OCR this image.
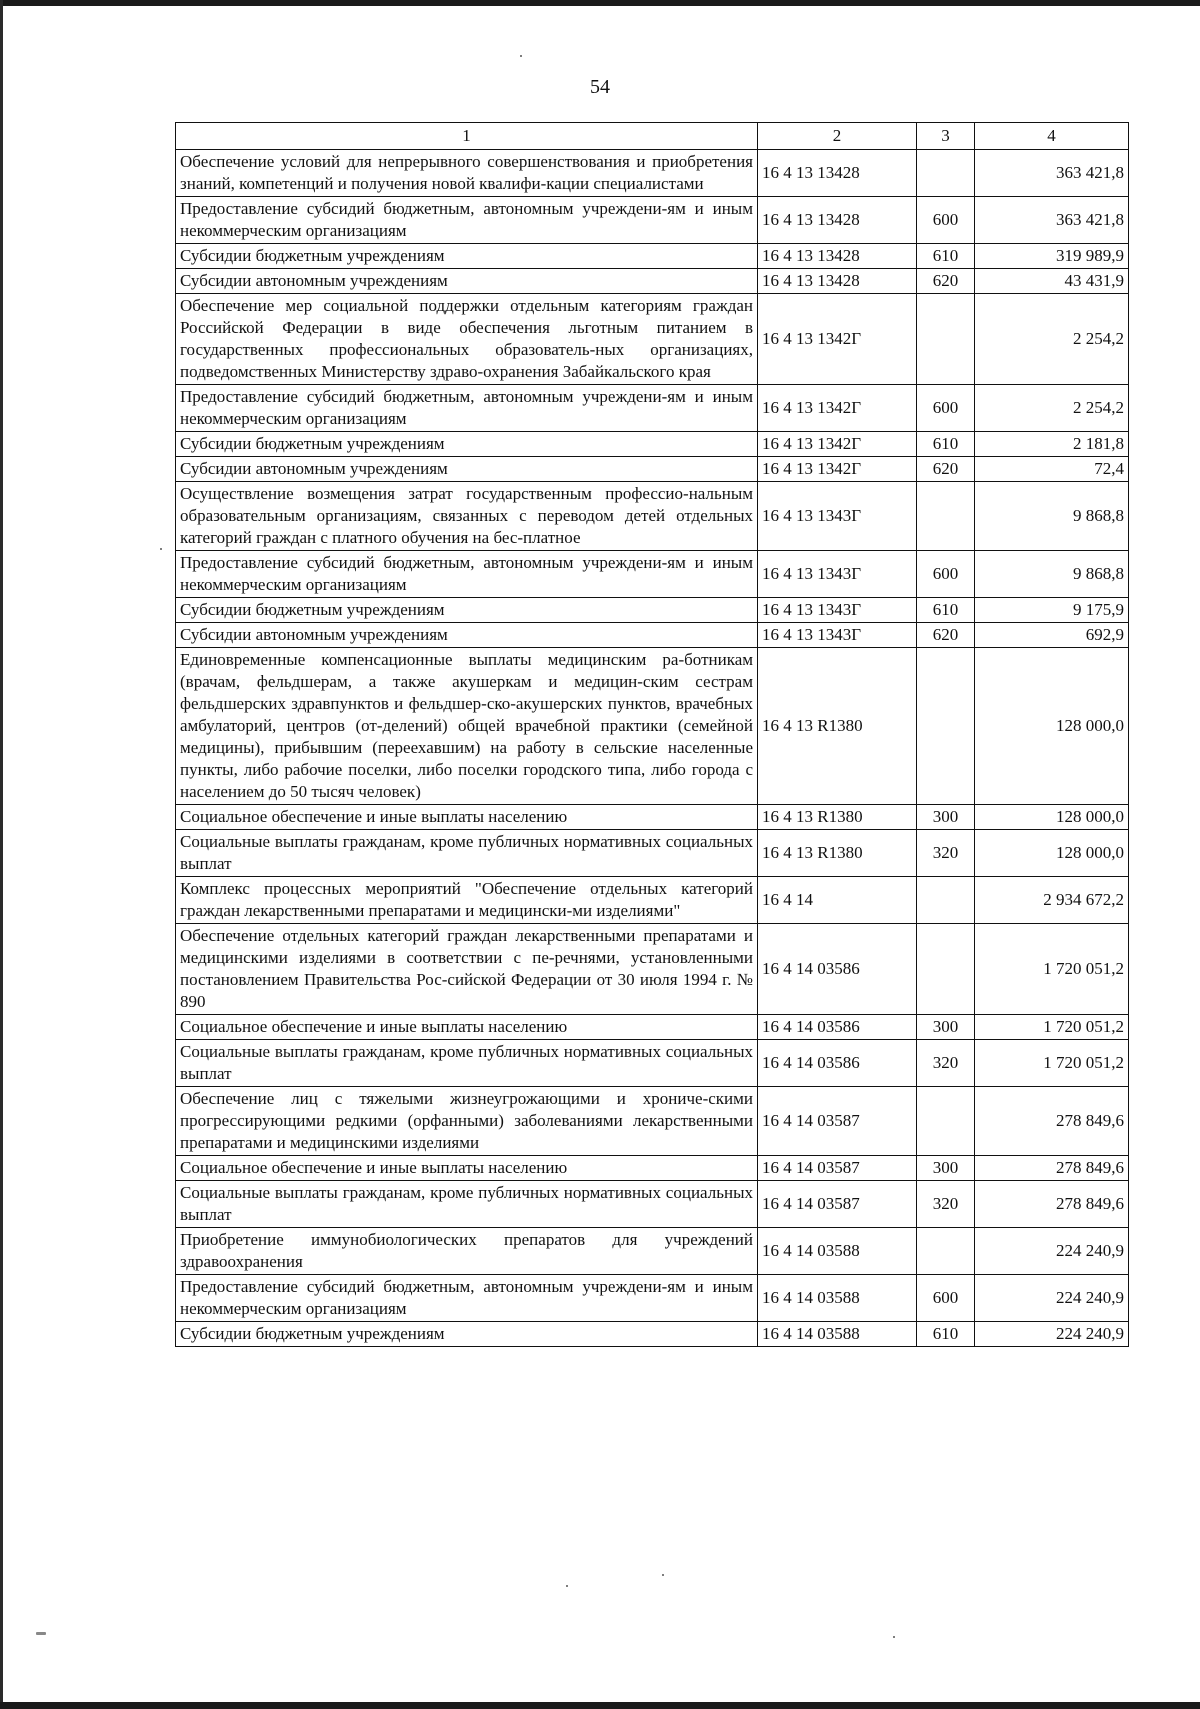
54
1	2	3	4
Обеспечение условий для непрерывного совершенствования и приобретения знаний, компетенций и получения новой квалифи-кации специалистами	16 4 13 13428		363 421,8
Предоставление субсидий бюджетным, автономным учреждени-ям и иным некоммерческим организациям	16 4 13 13428	600	363 421,8
Субсидии бюджетным учреждениям	16 4 13 13428	610	319 989,9
Субсидии автономным учреждениям	16 4 13 13428	620	43 431,9
Обеспечение мер социальной поддержки отдельным категориям граждан Российской Федерации в виде обеспечения льготным питанием в государственных профессиональных образователь-ных организациях, подведомственных Министерству здраво-охранения Забайкальского края	16 4 13 1342Г		2 254,2
Предоставление субсидий бюджетным, автономным учреждени-ям и иным некоммерческим организациям	16 4 13 1342Г	600	2 254,2
Субсидии бюджетным учреждениям	16 4 13 1342Г	610	2 181,8
Субсидии автономным учреждениям	16 4 13 1342Г	620	72,4
Осуществление возмещения затрат государственным профессио-нальным образовательным организациям, связанных с переводом детей отдельных категорий граждан с платного обучения на бес-платное	16 4 13 1343Г		9 868,8
Предоставление субсидий бюджетным, автономным учреждени-ям и иным некоммерческим организациям	16 4 13 1343Г	600	9 868,8
Субсидии бюджетным учреждениям	16 4 13 1343Г	610	9 175,9
Субсидии автономным учреждениям	16 4 13 1343Г	620	692,9
Единовременные компенсационные выплаты медицинским ра-ботникам (врачам, фельдшерам, а также акушеркам и медицин-ским сестрам фельдшерских здравпунктов и фельдшер-ско-акушерских пунктов, врачебных амбулаторий, центров (от-делений) общей врачебной практики (семейной медицины), прибывшим (переехавшим) на работу в сельские населенные пункты, либо рабочие поселки, либо поселки городского типа, либо города с населением до 50 тысяч человек)	16 4 13 R1380		128 000,0
Социальное обеспечение и иные выплаты населению	16 4 13 R1380	300	128 000,0
Социальные выплаты гражданам, кроме публичных нормативных социальных выплат	16 4 13 R1380	320	128 000,0
Комплекс процессных мероприятий "Обеспечение отдельных категорий граждан лекарственными препаратами и медицински-ми изделиями"	16 4 14		2 934 672,2
Обеспечение отдельных категорий граждан лекарственными препаратами и медицинскими изделиями в соответствии с пе-речнями, установленными постановлением Правительства Рос-сийской Федерации от 30 июля 1994 г. № 890	16 4 14 03586		1 720 051,2
Социальное обеспечение и иные выплаты населению	16 4 14 03586	300	1 720 051,2
Социальные выплаты гражданам, кроме публичных нормативных социальных выплат	16 4 14 03586	320	1 720 051,2
Обеспечение лиц с тяжелыми жизнеугрожающими и хрониче-скими прогрессирующими редкими (орфанными) заболеваниями лекарственными препаратами и медицинскими изделиями	16 4 14 03587		278 849,6
Социальное обеспечение и иные выплаты населению	16 4 14 03587	300	278 849,6
Социальные выплаты гражданам, кроме публичных нормативных социальных выплат	16 4 14 03587	320	278 849,6
Приобретение иммунобиологических препаратов для учреждений здравоохранения	16 4 14 03588		224 240,9
Предоставление субсидий бюджетным, автономным учреждени-ям и иным некоммерческим организациям	16 4 14 03588	600	224 240,9
Субсидии бюджетным учреждениям	16 4 14 03588	610	224 240,9
